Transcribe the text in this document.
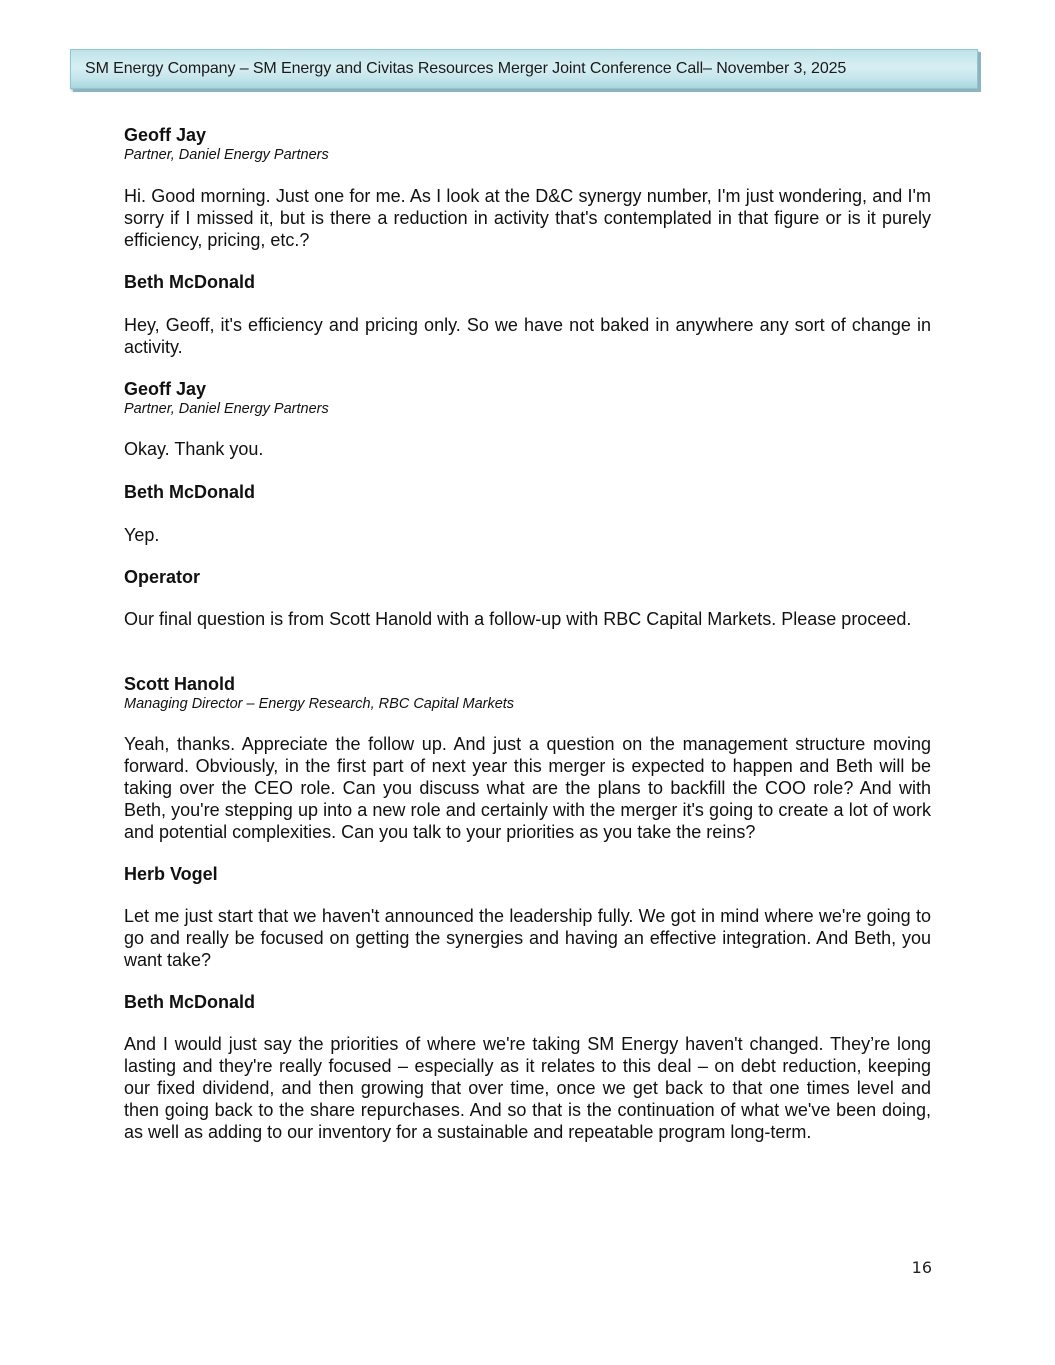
SM Energy Company – SM Energy and Civitas Resources Merger Joint Conference Call– November 3, 2025

Geoff Jay

Partner, Daniel Energy Partners

Hi. Good morning. Just one for me. As I look at the D&C synergy number, I'm just wondering, and I'm sorry if I missed it, but is there a reduction in activity that's contemplated in that figure or is it purely efficiency, pricing, etc.?

Beth McDonald

Hey, Geoff, it's efficiency and pricing only. So we have not baked in anywhere any sort of change in activity.

Geoff Jay

Partner, Daniel Energy Partners

Okay. Thank you.

Beth McDonald

Yep.

Operator

Our final question is from Scott Hanold with a follow-up with RBC Capital Markets. Please proceed.

Scott Hanold

Managing Director – Energy Research, RBC Capital Markets

Yeah, thanks. Appreciate the follow up. And just a question on the management structure moving forward. Obviously, in the first part of next year this merger is expected to happen and Beth will be taking over the CEO role. Can you discuss what are the plans to backfill the COO role? And with Beth, you're stepping up into a new role and certainly with the merger it's going to create a lot of work and potential complexities. Can you talk to your priorities as you take the reins?

Herb Vogel

Let me just start that we haven't announced the leadership fully. We got in mind where we're going to go and really be focused on getting the synergies and having an effective integration. And Beth, you want take?

Beth McDonald

And I would just say the priorities of where we're taking SM Energy haven't changed. They’re long lasting and they're really focused – especially as it relates to this deal – on debt reduction, keeping our fixed dividend, and then growing that over time, once we get back to that one times level and then going back to the share repurchases. And so that is the continuation of what we've been doing, as well as adding to our inventory for a sustainable and repeatable program long-term.

16
